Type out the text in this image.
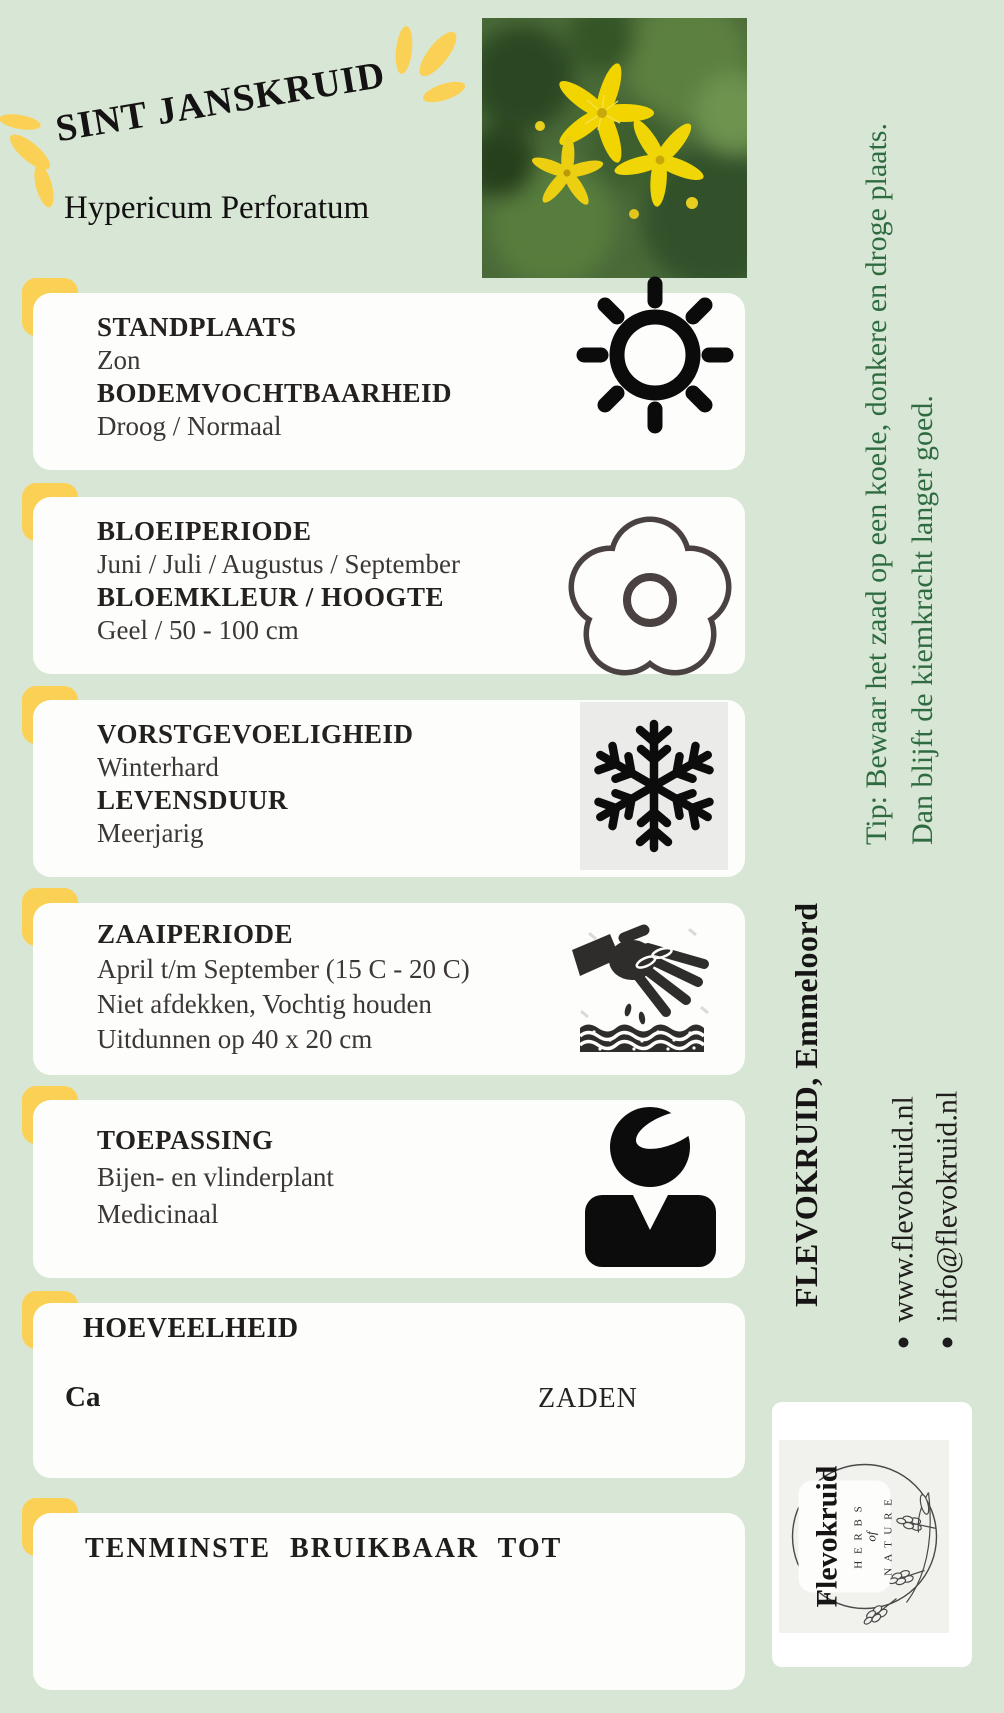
SINT JANSKRUID
Hypericum Perforatum
STANDPLAATS
Zon
BODEMVOCHTBAARHEID
Droog / Normaal
BLOEIPERIODE
Juni / Juli / Augustus / September
BLOEMKLEUR / HOOGTE
Geel / 50 - 100 cm
VORSTGEVOELIGHEID
Winterhard
LEVENSDUUR
Meerjarig
ZAAIPERIODE
April t/m September (15 C - 20 C)
Niet afdekken, Vochtig houden
Uitdunnen op 40 x 20 cm
TOEPASSING
Bijen- en vlinderplant
Medicinaal
HOEVEELHEID
Ca	ZADEN
TENMINSTE BRUIKBAAR TOT
Tip: Bewaar het zaad op een koele, donkere en droge plaats. Dan blijft de kiemkracht langer goed.
FLEVOKRUID, Emmeloord www.flevokruid.nl info@flevokruid.nl
Flevokruid H E R B S of N A T U R E
